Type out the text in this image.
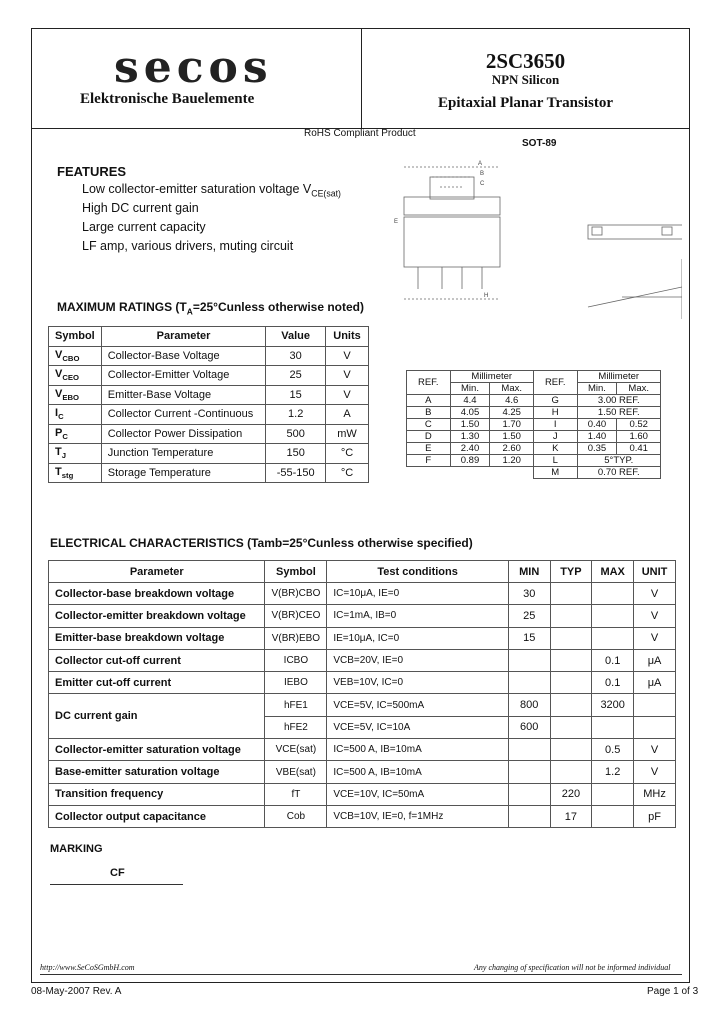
secos
Elektronische Bauelemente
2SC3650
NPN Silicon
Epitaxial Planar Transistor
RoHS Compliant Product
SOT-89
FEATURES
Low collector-emitter saturation voltage $V_{CE(sat)}$
High DC current gain
Large current capacity
LF amp, various drivers, muting circuit
A
B
C
E
H
MAXIMUM RATINGS ($T_A=25^\circ Cunless$ otherwise noted)
Symbol	Parameter	Value	Units
$V_{CBO}$	Collector-Base Voltage	30	V
$V_{CEO}$	Collector-Emitter Voltage	25	V
$V_{EBO}$	Emitter-Base Voltage	15	V
$I_C$	Collector Current -Continuous	1.2	A
$P_C$	Collector Power Dissipation	500	mW
$T_J$	Junction Temperature	150	°C
$T_{stg}$	Storage Temperature	-55-150	°C
REF.	Millimeter		REF.	Millimeter	
	Min.	Max.		Min.	Max.
A	4.4	4.6	G	3.00 REF.	
B	4.05	4.25	H	1.50 REF.	
C	1.50	1.70	I	0.40	0.52
D	1.30	1.50	J	1.40	1.60
E	2.40	2.60	K	0.35	0.41
F	0.89	1.20	L	5°TYP.	
			M	0.70 REF.	
ELECTRICAL CHARACTERISTICS (Tamb=25°Cunless otherwise specified)
Parameter	Symbol	Test conditions	MIN	TYP	MAX	UNIT
Collector-base breakdown voltage	V(BR)CBO	IC=10μA, IE=0	30			V
Collector-emitter breakdown voltage	V(BR)CEO	IC=1mA, IB=0	25			V
Emitter-base breakdown voltage	V(BR)EBO	IE=10μA, IC=0	15			V
Collector cut-off current	ICBO	VCB=20V, IE=0			0.1	μA
Emitter cut-off current	IEBO	VEB=10V, IC=0			0.1	μA
DC current gain	hFE1	VCE=5V, IC=500mA	800		3200	
	hFE2	VCE=5V, IC=10A	600			
Collector-emitter saturation voltage	VCE(sat)	IC=500 A, IB=10mA			0.5	V
Base-emitter saturation voltage	VBE(sat)	IC=500 A, IB=10mA			1.2	V
Transition frequency	fT	VCE=10V, IC=50mA		220		MHz
Collector output capacitance	Cob	VCB=10V, IE=0, f=1MHz		17		pF
MARKING
CF
http://www.SeCoSGmbH.com	Any changing of specification will not be informed individual
08-May-2007 Rev. A	Page 1 of 3
